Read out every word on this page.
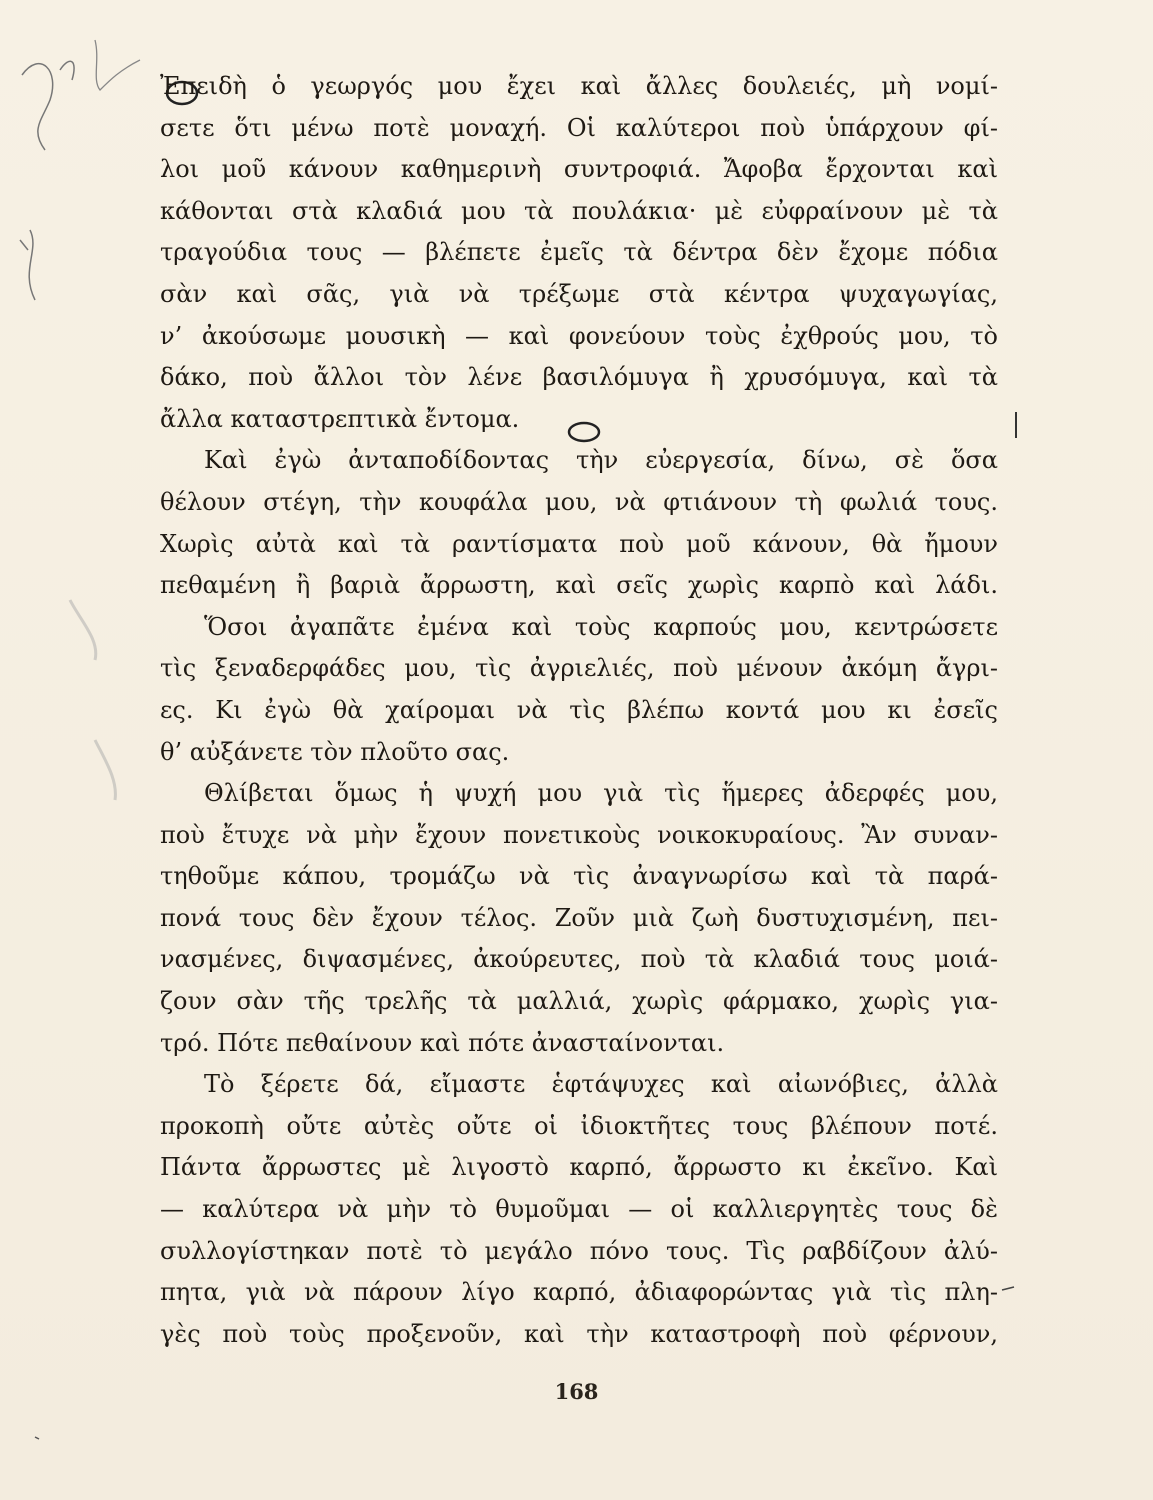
Ἐπειδὴ ὁ γεωργός μου ἔχει καὶ ἄλλες δουλειές, μὴ νομί-
σετε ὅτι μένω ποτὲ μοναχή. Οἱ καλύτεροι ποὺ ὑπάρχουν φί-
λοι μοῦ κάνουν καθημερινὴ συντροφιά. Ἄφοβα ἔρχονται καὶ
κάθονται στὰ κλαδιά μου τὰ πουλάκια· μὲ εὐφραίνουν μὲ τὰ
τραγούδια τους — βλέπετε ἐμεῖς τὰ δέντρα δὲν ἔχομε πόδια
σὰν καὶ σᾶς, γιὰ νὰ τρέξωμε στὰ κέντρα ψυχαγωγίας,
ν’ ἀκούσωμε μουσικὴ — καὶ φονεύουν τοὺς ἐχθρούς μου, τὸ
δάκο, ποὺ ἄλλοι τὸν λένε βασιλόμυγα ἢ χρυσόμυγα, καὶ τὰ
ἄλλα καταστρεπτικὰ ἔντομα.
Καὶ ἐγὼ ἀνταποδίδοντας τὴν εὐεργεσία, δίνω, σὲ ὅσα
θέλουν στέγη, τὴν κουφάλα μου, νὰ φτιάνουν τὴ φωλιά τους.
Χωρὶς αὐτὰ καὶ τὰ ραντίσματα ποὺ μοῦ κάνουν, θὰ ἤμουν
πεθαμένη ἢ βαριὰ ἄρρωστη, καὶ σεῖς χωρὶς καρπὸ καὶ λάδι.
Ὅσοι ἀγαπᾶτε ἐμένα καὶ τοὺς καρπούς μου, κεντρώσετε
τὶς ξεναδερφάδες μου, τὶς ἀγριελιές, ποὺ μένουν ἀκόμη ἄγρι-
ες. Κι ἐγὼ θὰ χαίρομαι νὰ τὶς βλέπω κοντά μου κι ἐσεῖς
θ’ αὐξάνετε τὸν πλοῦτο σας.
Θλίβεται ὅμως ἡ ψυχή μου γιὰ τὶς ἥμερες ἀδερφές μου,
ποὺ ἔτυχε νὰ μὴν ἔχουν πονετικοὺς νοικοκυραίους. Ἂν συναν-
τηθοῦμε κάπου, τρομάζω νὰ τὶς ἀναγνωρίσω καὶ τὰ παρά-
πονά τους δὲν ἔχουν τέλος. Ζοῦν μιὰ ζωὴ δυστυχισμένη, πει-
νασμένες, διψασμένες, ἀκούρευτες, ποὺ τὰ κλαδιά τους μοιά-
ζουν σὰν τῆς τρελῆς τὰ μαλλιά, χωρὶς φάρμακο, χωρὶς για-
τρό. Πότε πεθαίνουν καὶ πότε ἀνασταίνονται.
Τὸ ξέρετε δά, εἴμαστε ἑφτάψυχες καὶ αἰωνόβιες, ἀλλὰ
προκοπὴ οὔτε αὐτὲς οὔτε οἱ ἰδιοκτῆτες τους βλέπουν ποτέ.
Πάντα ἄρρωστες μὲ λιγοστὸ καρπό, ἄρρωστο κι ἐκεῖνο. Καὶ
— καλύτερα νὰ μὴν τὸ θυμοῦμαι — οἱ καλλιεργητὲς τους δὲ
συλλογίστηκαν ποτὲ τὸ μεγάλο πόνο τους. Τὶς ραβδίζουν ἀλύ-
πητα, γιὰ νὰ πάρουν λίγο καρπό, ἀδιαφορώντας γιὰ τὶς πλη-
γὲς ποὺ τοὺς προξενοῦν, καὶ τὴν καταστροφὴ ποὺ φέρνουν,
168
